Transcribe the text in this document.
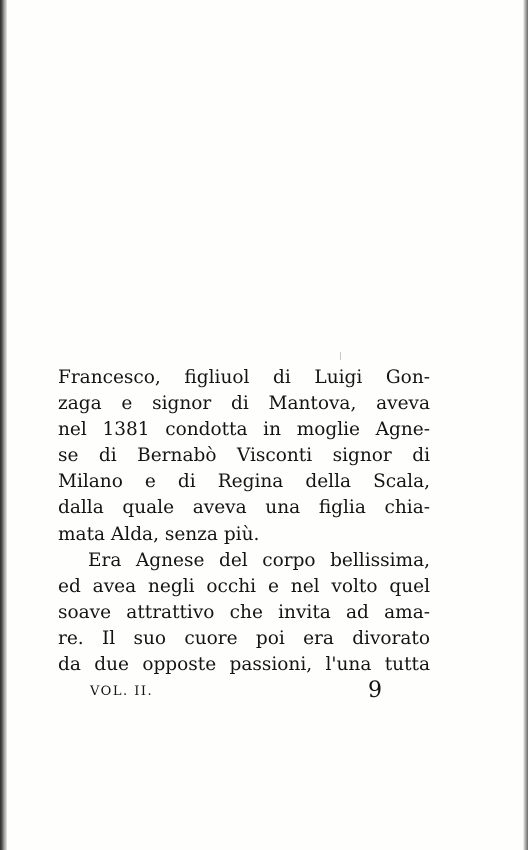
Francesco, figliuol di Luigi Gon-
zaga e signor di Mantova, aveva
nel 1381 condotta in moglie Agne-
se di Bernabò Visconti signor di
Milano e di Regina della Scala,
dalla quale aveva una figlia chia-
mata Alda, senza più.
Era Agnese del corpo bellissima,
ed avea negli occhi e nel volto quel
soave attrattivo che invita ad ama-
re. Il suo cuore poi era divorato
da due opposte passioni, l'una tutta
VOL. II.	9
